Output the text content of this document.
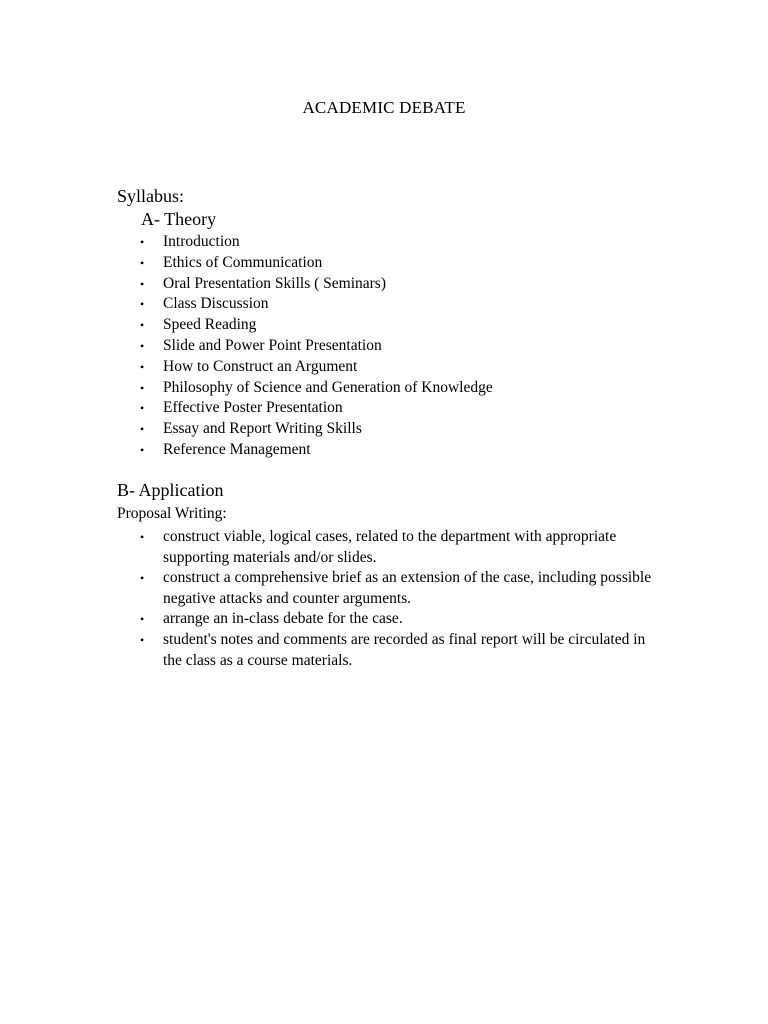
ACADEMIC DEBATE
Syllabus:
A- Theory
• Introduction
• Ethics of Communication
• Oral Presentation Skills ( Seminars)
• Class Discussion
• Speed Reading
• Slide and Power Point Presentation
• How to Construct an Argument
• Philosophy of Science and Generation of Knowledge
• Effective Poster Presentation
• Essay and Report Writing Skills
• Reference Management
B- Application
Proposal Writing:
• construct viable, logical cases, related to the department with appropriate supporting materials and/or slides.
• construct a comprehensive brief as an extension of the case, including possible negative attacks and counter arguments.
• arrange an in-class debate for the case.
• student's notes and comments are recorded as final report will be circulated in the class as a course materials.
